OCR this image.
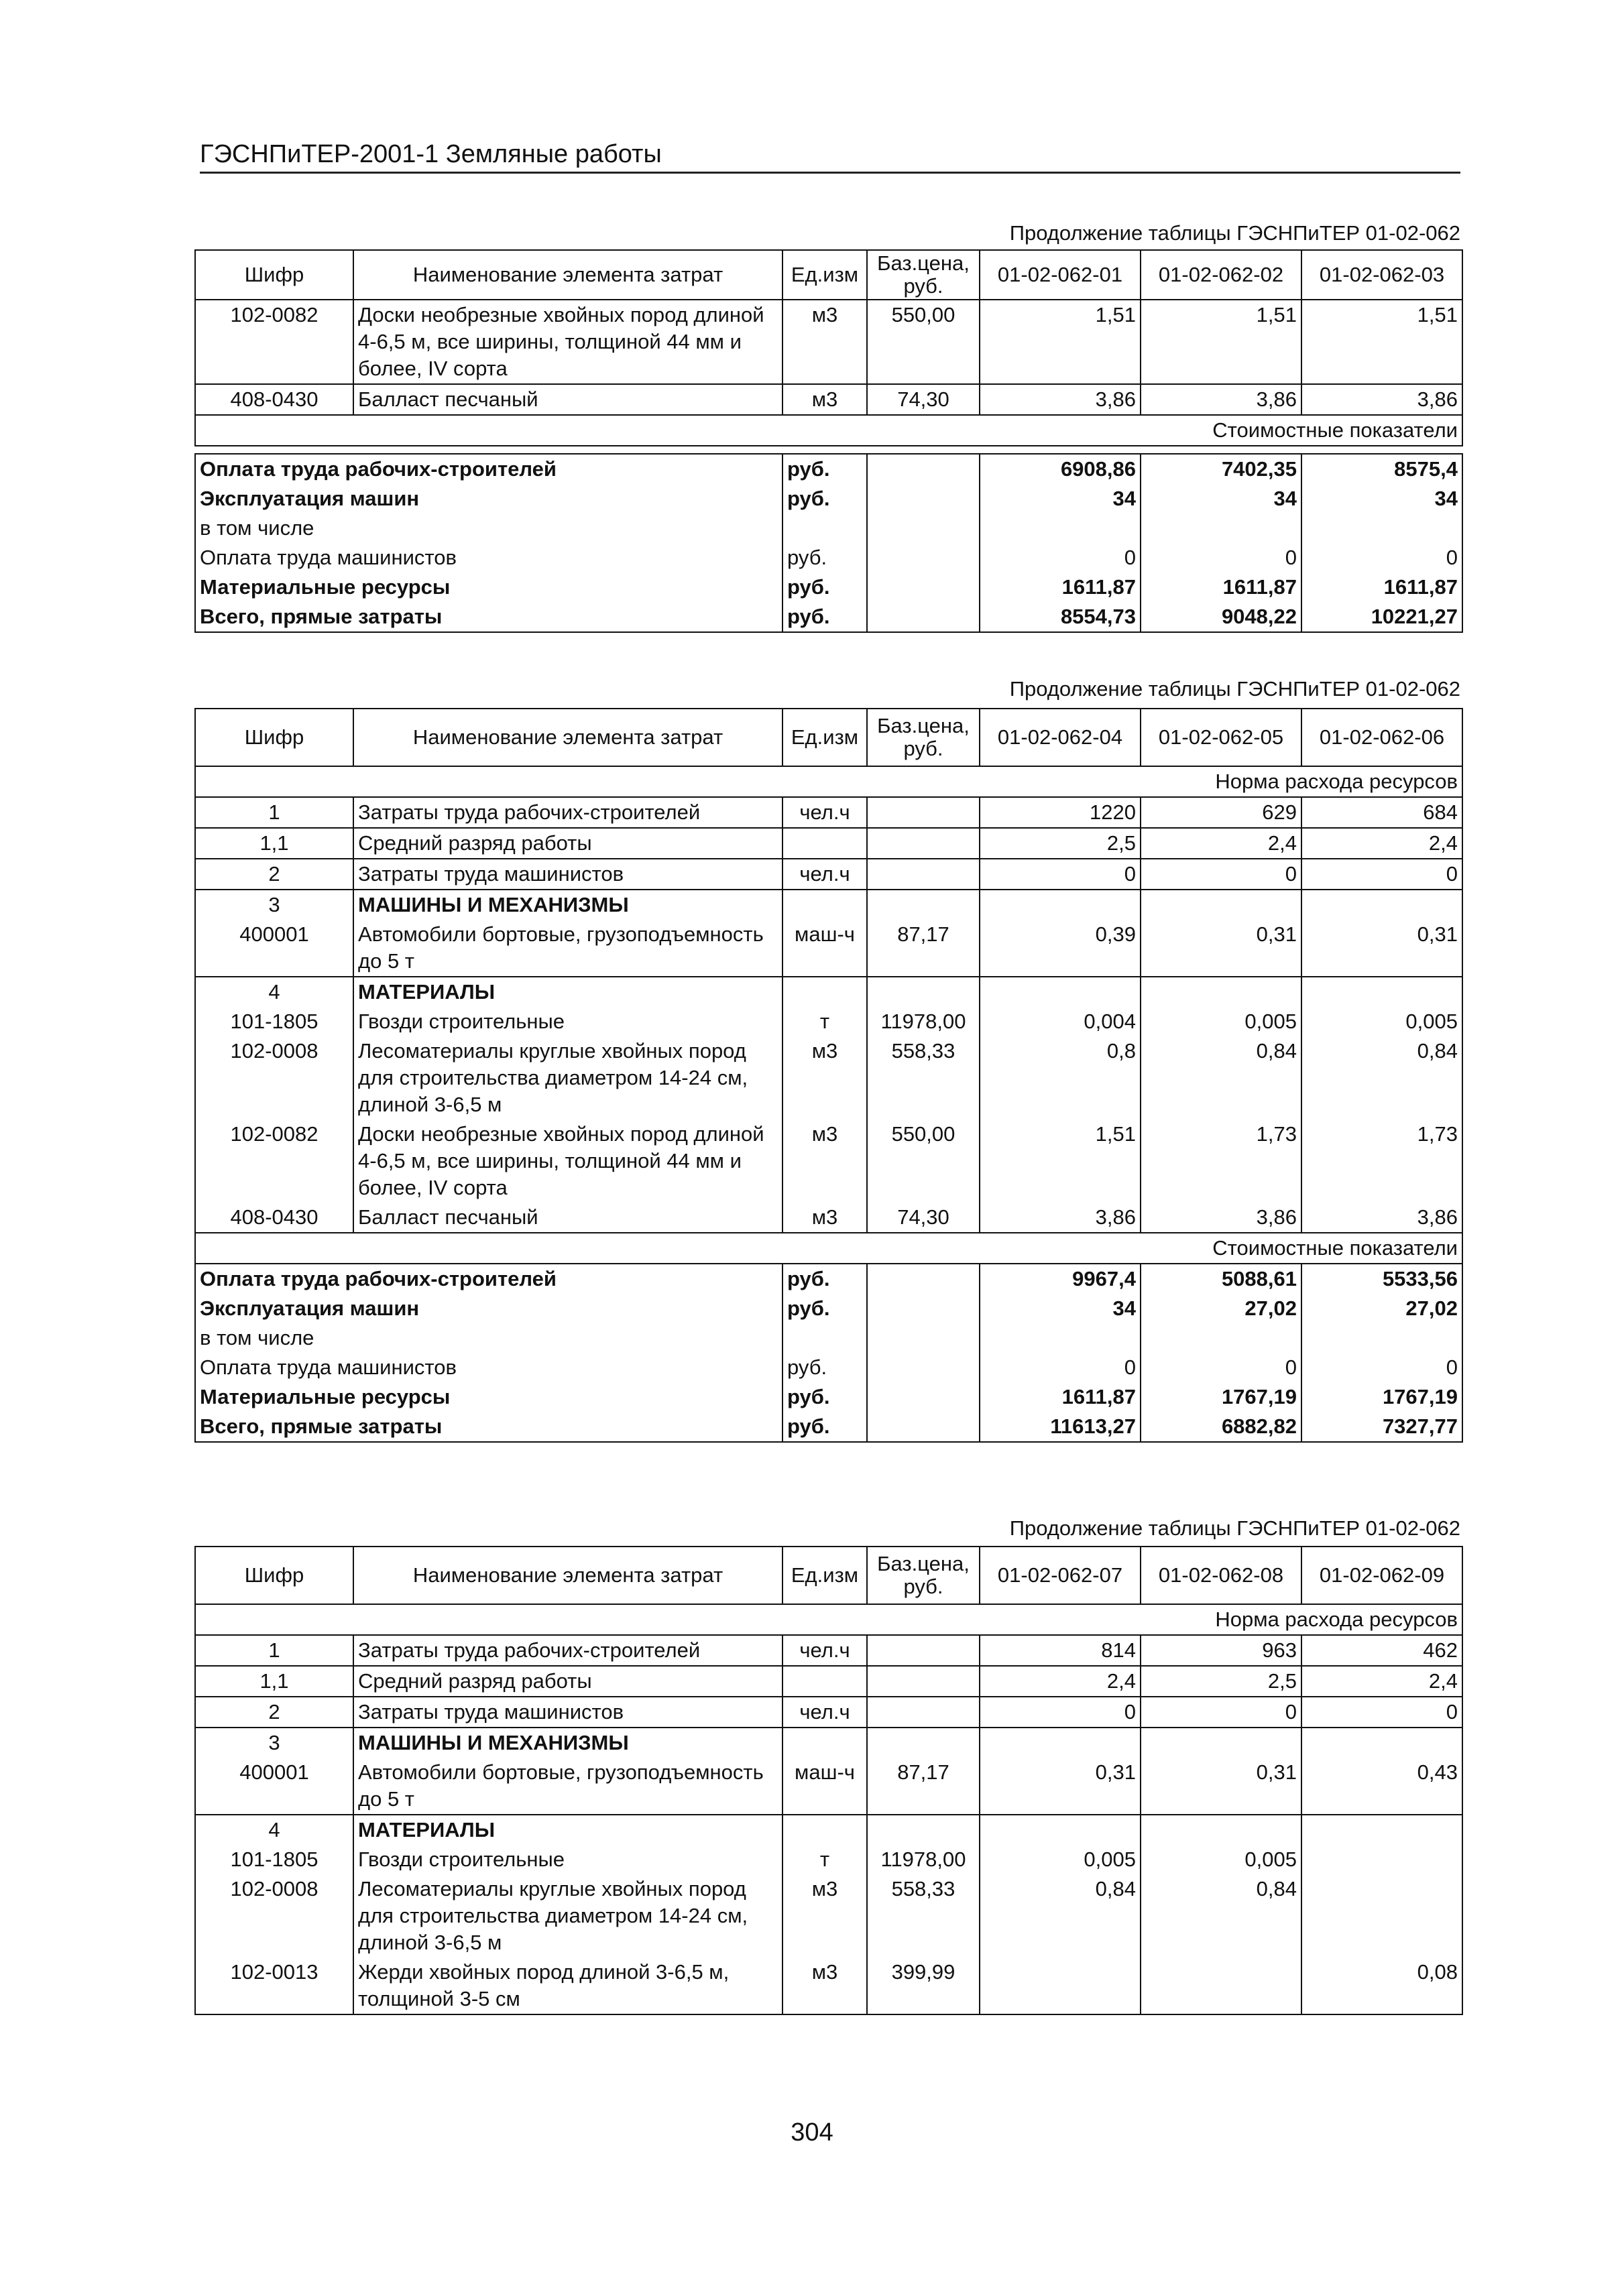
ГЭСНПиТЕР-2001-1 Земляные работы
Продолжение таблицы ГЭСНПиТЕР 01-02-062
Шифр	Наименование элемента затрат	Ед.изм	Баз.цена, руб.	01-02-062-01	01-02-062-02	01-02-062-03
102-0082	Доски необрезные хвойных пород длиной 4-6,5 м, все ширины, толщиной 44 мм и более, IV сорта	м3	550,00	1,51	1,51	1,51
408-0430	Балласт песчаный	м3	74,30	3,86	3,86	3,86
Стоимостные показатели						

Оплата труда рабочих-строителей		руб.		6908,86	7402,35	8575,4
Эксплуатация машин		руб.		34	34	34
в том числе						
Оплата труда машинистов		руб.		0	0	0
Материальные ресурсы		руб.		1611,87	1611,87	1611,87
Всего, прямые затраты		руб.		8554,73	9048,22	10221,27
Продолжение таблицы ГЭСНПиТЕР 01-02-062
Шифр	Наименование элемента затрат	Ед.изм	Баз.цена, руб.	01-02-062-04	01-02-062-05	01-02-062-06
Норма расхода ресурсов						
1	Затраты труда рабочих-строителей	чел.ч		1220	629	684
1,1	Средний разряд работы			2,5	2,4	2,4
2	Затраты труда машинистов	чел.ч		0	0	0
3	МАШИНЫ И МЕХАНИЗМЫ					
400001	Автомобили бортовые, грузоподъемность до 5 т	маш-ч	87,17	0,39	0,31	0,31
4	МАТЕРИАЛЫ					
101-1805	Гвозди строительные	т	11978,00	0,004	0,005	0,005
102-0008	Лесоматериалы круглые хвойных пород для строительства диаметром 14-24 см, длиной 3-6,5 м	м3	558,33	0,8	0,84	0,84
102-0082	Доски необрезные хвойных пород длиной 4-6,5 м, все ширины, толщиной 44 мм и более, IV сорта	м3	550,00	1,51	1,73	1,73
408-0430	Балласт песчаный	м3	74,30	3,86	3,86	3,86
Стоимостные показатели						
Оплата труда рабочих-строителей		руб.		9967,4	5088,61	5533,56
Эксплуатация машин		руб.		34	27,02	27,02
в том числе						
Оплата труда машинистов		руб.		0	0	0
Материальные ресурсы		руб.		1611,87	1767,19	1767,19
Всего, прямые затраты		руб.		11613,27	6882,82	7327,77
Продолжение таблицы ГЭСНПиТЕР 01-02-062
Шифр	Наименование элемента затрат	Ед.изм	Баз.цена, руб.	01-02-062-07	01-02-062-08	01-02-062-09
Норма расхода ресурсов						
1	Затраты труда рабочих-строителей	чел.ч		814	963	462
1,1	Средний разряд работы			2,4	2,5	2,4
2	Затраты труда машинистов	чел.ч		0	0	0
3	МАШИНЫ И МЕХАНИЗМЫ					
400001	Автомобили бортовые, грузоподъемность до 5 т	маш-ч	87,17	0,31	0,31	0,43
4	МАТЕРИАЛЫ					
101-1805	Гвозди строительные	т	11978,00	0,005	0,005	
102-0008	Лесоматериалы круглые хвойных пород для строительства диаметром 14-24 см, длиной 3-6,5 м	м3	558,33	0,84	0,84	
102-0013	Жерди хвойных пород длиной 3-6,5 м, толщиной 3-5 см	м3	399,99			0,08
304
